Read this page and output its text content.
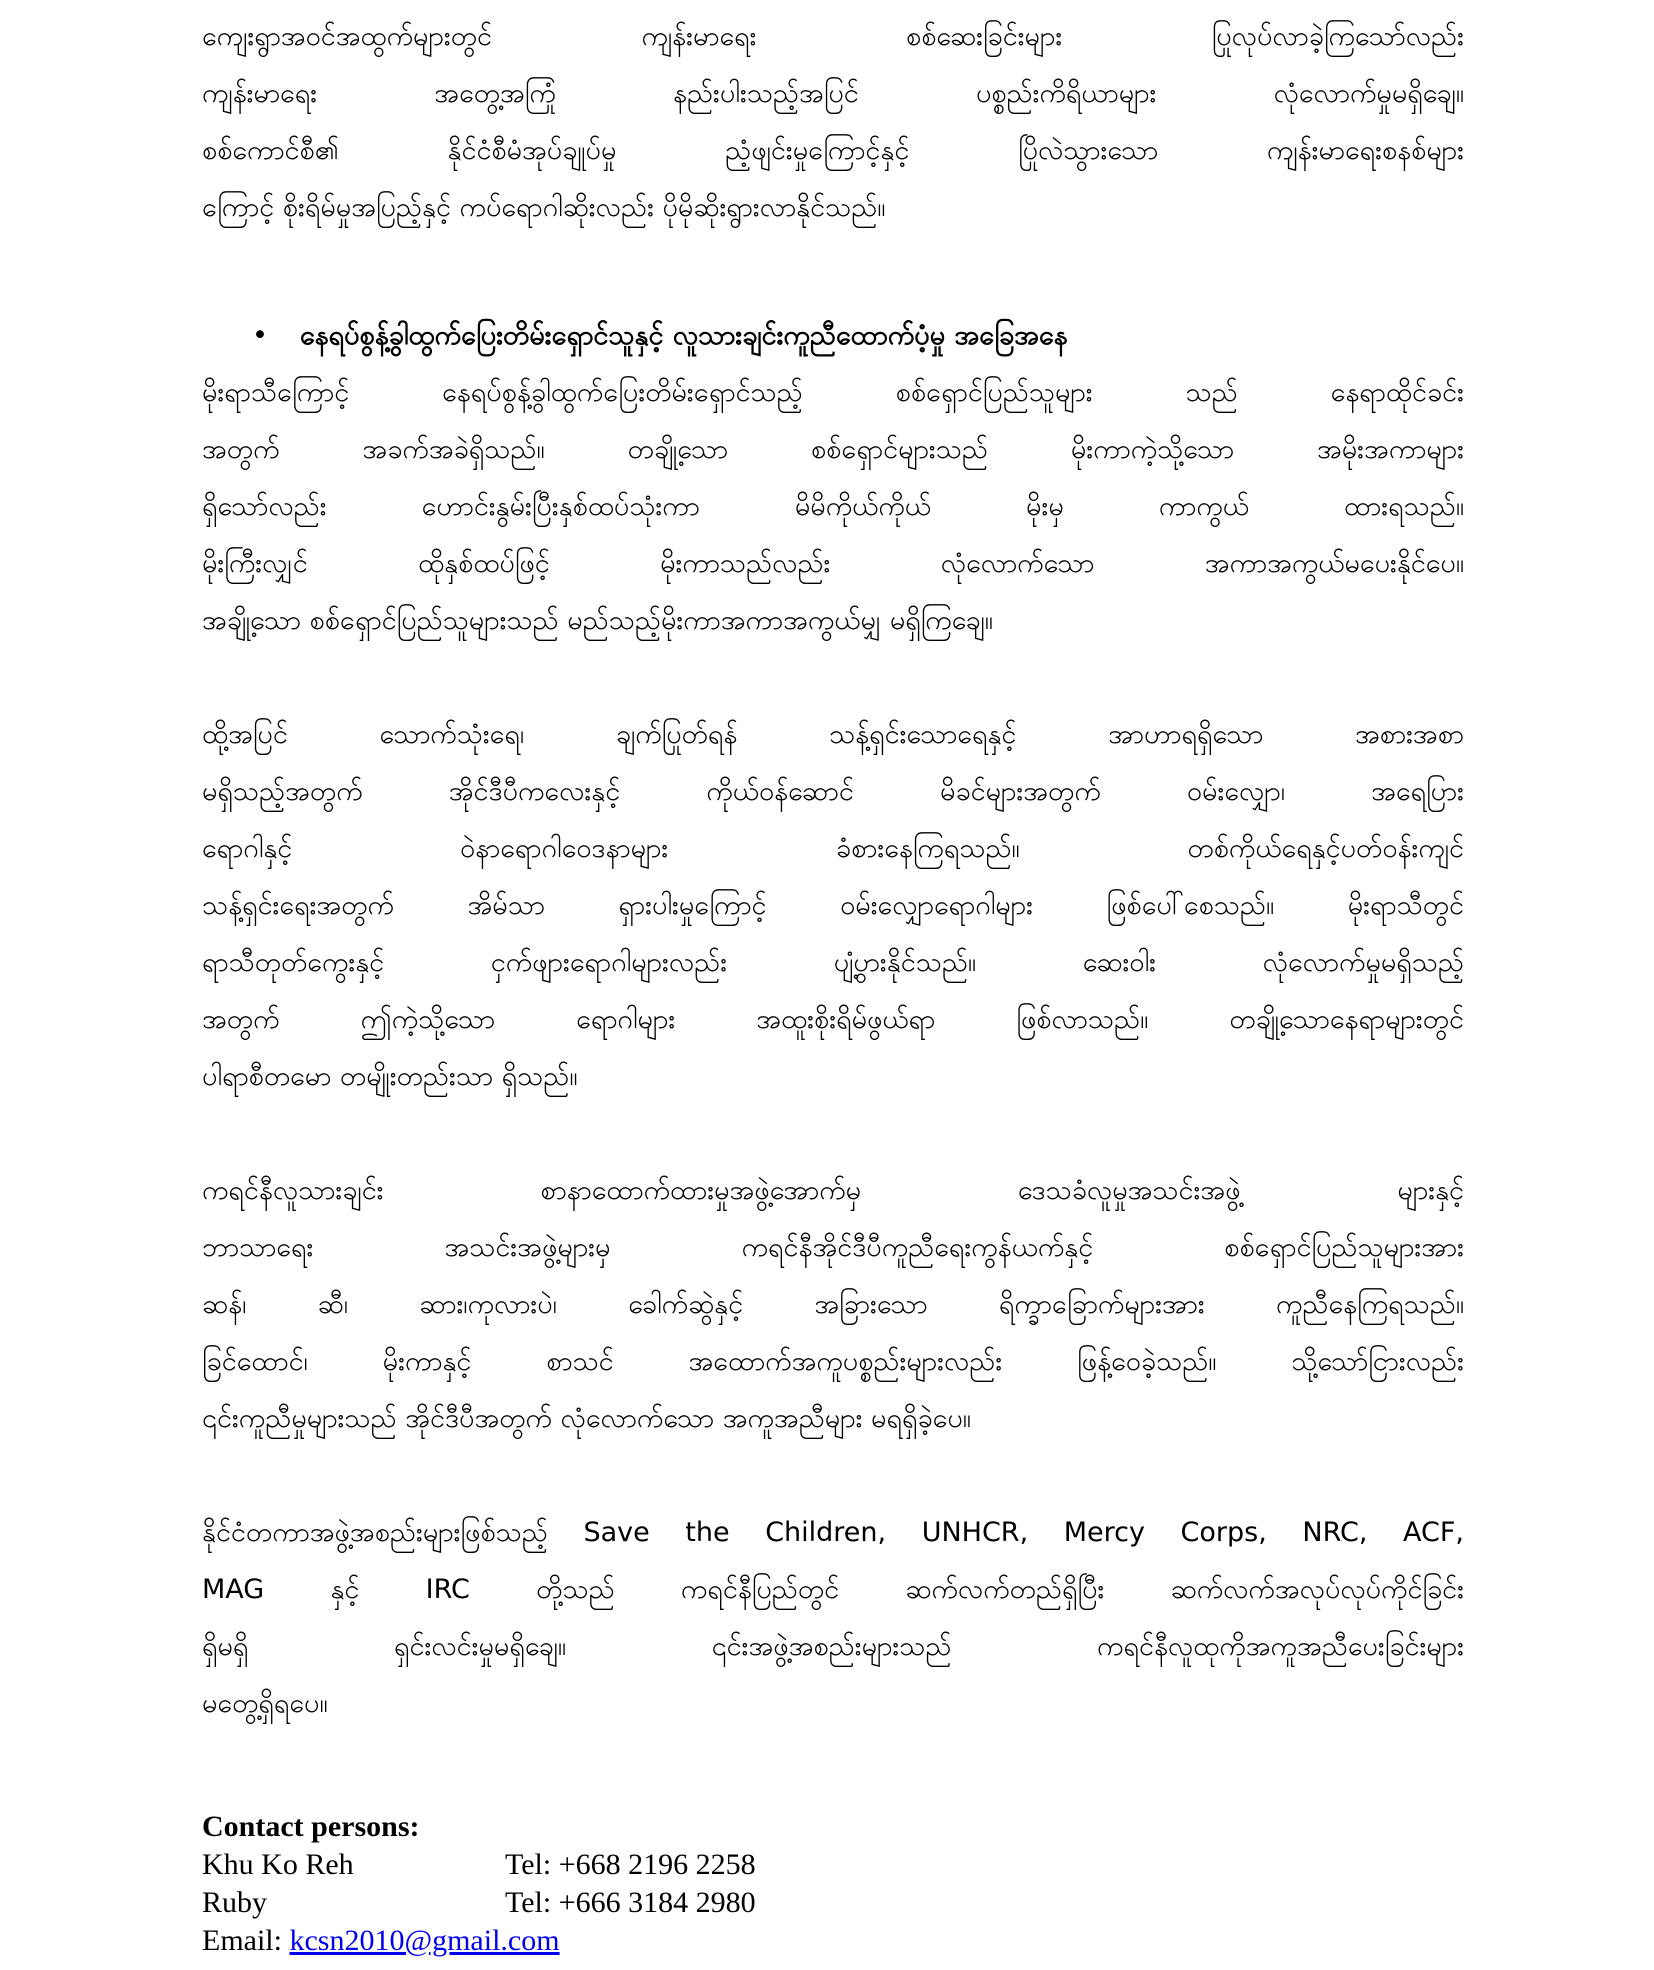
ကျေးရွာအဝင်အထွက်များတွင် ကျန်းမာရေး စစ်ဆေးခြင်းများ ပြုလုပ်လာခဲ့ကြသော်လည်း
ကျန်းမာရေး အတွေ့အကြုံ နည်းပါးသည့်အပြင် ပစ္စည်းကိရိယာများ လုံလောက်မှုမရှိချေ။
စစ်ကောင်စီ၏ နိုင်ငံစီမံအုပ်ချုပ်မှု ညံ့ဖျင်းမှုကြောင့်နှင့် ပြိုလဲသွားသော ကျန်းမာရေးစနစ်များ
ကြောင့် စိုးရိမ်မှုအပြည့်နှင့် ကပ်ရောဂါဆိုးလည်း ပိုမိုဆိုးရွားလာနိုင်သည်။
• နေရပ်စွန့်ခွါထွက်ပြေးတိမ်းရှောင်သူနှင့် လူသားချင်းကူညီထောက်ပံ့မှု အခြေအနေ
မိုးရာသီကြောင့် နေရပ်စွန့်ခွါထွက်ပြေးတိမ်းရှောင်သည့် စစ်ရှောင်ပြည်သူများ သည် နေရာထိုင်ခင်း
အတွက် အခက်အခဲရှိသည်။ တချို့သော စစ်ရှောင်များသည် မိုးကာကဲ့သို့သော အမိုးအကာများ
ရှိသော်လည်း ဟောင်းနွမ်းပြီးနှစ်ထပ်သုံးကာ မိမိကိုယ်ကိုယ် မိုးမှ ကာကွယ် ထားရသည်။
မိုးကြီးလျှင် ထိုနှစ်ထပ်ဖြင့် မိုးကာသည်လည်း လုံလောက်သော အကာအကွယ်မပေးနိုင်ပေ။
အချို့သော စစ်ရှောင်ပြည်သူများသည် မည်သည့်မိုးကာအကာအကွယ်မျှ မရှိကြချေ။
ထို့အပြင် သောက်သုံးရေ၊ ချက်ပြုတ်ရန် သန့်ရှင်းသောရေနှင့် အာဟာရရှိသော အစားအစာ
မရှိသည့်အတွက် အိုင်ဒီပီကလေးနှင့် ကိုယ်ဝန်ဆောင် မိခင်များအတွက် ဝမ်းလျှော၊ အရေပြား
ရောဂါနှင့် ဝဲနာရောဂါဝေဒနာများ ခံစားနေကြရသည်။ တစ်ကိုယ်ရေနှင့်ပတ်ဝန်းကျင်
သန့်ရှင်းရေးအတွက် အိမ်သာ ရှားပါးမှုကြောင့် ဝမ်းလျှောရောဂါများ ဖြစ်ပေါ်စေသည်။ မိုးရာသီတွင်
ရာသီတုတ်ကွေးနှင့် ငှက်ဖျားရောဂါများလည်း ပျံ့ပွားနိုင်သည်။ ဆေးဝါး လုံလောက်မှုမရှိသည့်
အတွက် ဤကဲ့သို့သော ရောဂါများ အထူးစိုးရိမ်ဖွယ်ရာ ဖြစ်လာသည်။ တချို့သောနေရာများတွင်
ပါရာစီတမော တမျိုးတည်းသာ ရှိသည်။
ကရင်နီလူသားချင်း စာနာထောက်ထားမှုအဖွဲ့အောက်မှ ဒေသခံလူမှုအသင်းအဖွဲ့ များနှင့်
ဘာသာရေး အသင်းအဖွဲ့များမှ ကရင်နီအိုင်ဒီပီကူညီရေးကွန်ယက်နှင့် စစ်ရှောင်ပြည်သူများအား
ဆန်၊ ဆီ၊ ဆား၊ကုလားပဲ၊ ခေါက်ဆွဲနှင့် အခြားသော ရိက္ခာခြောက်များအား ကူညီနေကြရသည်။
ခြင်ထောင်၊ မိုးကာနှင့် စာသင် အထောက်အကူပစ္စည်းများလည်း ဖြန့်ဝေခဲ့သည်။ သို့သော်ငြားလည်း
၎င်းကူညီမှုများသည် အိုင်ဒီပီအတွက် လုံလောက်သော အကူအညီများ မရရှိခဲ့ပေ။
နိုင်ငံတကာအဖွဲ့အစည်းများဖြစ်သည့် Save the Children, UNHCR, Mercy Corps, NRC, ACF,
MAG နှင့် IRC တို့သည် ကရင်နီပြည်တွင် ဆက်လက်တည်ရှိပြီး ဆက်လက်အလုပ်လုပ်ကိုင်ခြင်း
ရှိမရှိ ရှင်းလင်းမှုမရှိချေ။ ၎င်းအဖွဲ့အစည်းများသည် ကရင်နီလူထုကိုအကူအညီပေးခြင်းများ
မတွေ့ရှိရပေ။
Contact persons:
Khu Ko Reh	Tel: +668 2196 2258
Ruby	Tel: +666 3184 2980
Email: kcsn2010@gmail.com
